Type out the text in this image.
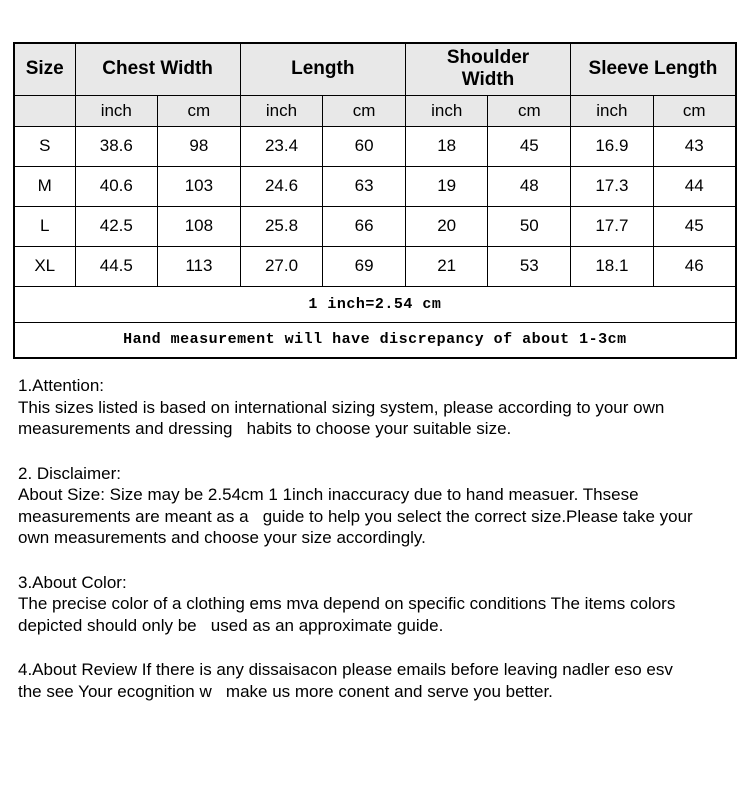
Size	Chest Width		Length		Shoulder Width		Sleeve Length	
	inch	cm	inch	cm	inch	cm	inch	cm
S	38.6	98	23.4	60	18	45	16.9	43
M	40.6	103	24.6	63	19	48	17.3	44
L	42.5	108	25.8	66	20	50	17.7	45
XL	44.5	113	27.0	69	21	53	18.1	46
1 inch=2.54 cm								
Hand measurement will have discrepancy of about 1-3cm								
1.Attention:
This sizes listed is based on international sizing system, please according to your own
measurements and dressing   habits to choose your suitable size.
2. Disclaimer:
About Size: Size may be 2.54cm 1 1inch inaccuracy due to hand measuer. Thsese
measurements are meant as a   guide to help you select the correct size.Please take your
own measurements and choose your size accordingly.
3.About Color:
The precise color of a clothing ems mva depend on specific conditions The items colors
depicted should only be   used as an approximate guide.
4.About Review If there is any dissaisacon please emails before leaving nadler eso esv
the see Your ecognition w   make us more conent and serve you better.
